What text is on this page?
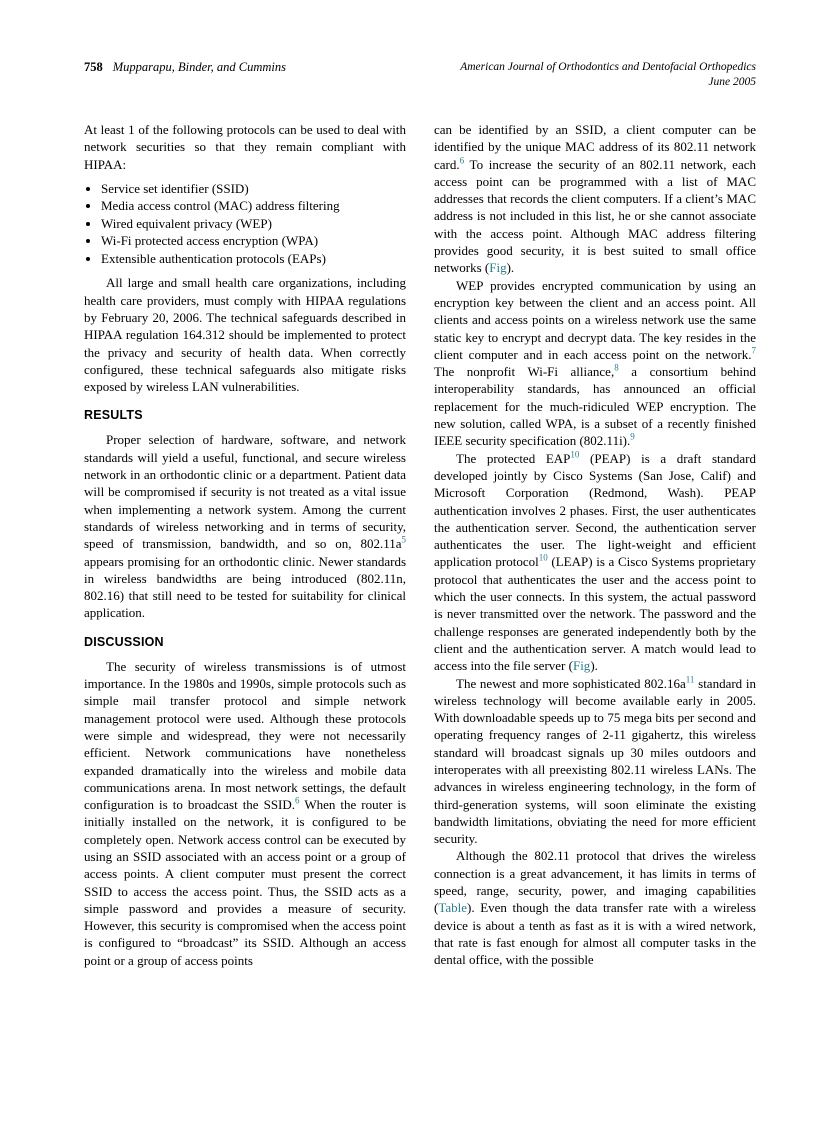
758 Mupparapu, Binder, and Cummins	American Journal of Orthodontics and Dentofacial Orthopedics
June 2005

At least 1 of the following protocols can be used to deal with network securities so that they remain compliant with HIPAA:

• Service set identifier (SSID)
• Media access control (MAC) address filtering
• Wired equivalent privacy (WEP)
• Wi-Fi protected access encryption (WPA)
• Extensible authentication protocols (EAPs)

All large and small health care organizations, including health care providers, must comply with HIPAA regulations by February 20, 2006. The technical safeguards described in HIPAA regulation 164.312 should be implemented to protect the privacy and security of health data. When correctly configured, these technical safeguards also mitigate risks exposed by wireless LAN vulnerabilities.

RESULTS

Proper selection of hardware, software, and network standards will yield a useful, functional, and secure wireless network in an orthodontic clinic or a department. Patient data will be compromised if security is not treated as a vital issue when implementing a network system. Among the current standards of wireless networking and in terms of security, speed of transmission, bandwidth, and so on, 802.11a$^5$ appears promising for an orthodontic clinic. Newer standards in wireless bandwidths are being introduced (802.11n, 802.16) that still need to be tested for suitability for clinical application.

DISCUSSION

The security of wireless transmissions is of utmost importance. In the 1980s and 1990s, simple protocols such as simple mail transfer protocol and simple network management protocol were used. Although these protocols were simple and widespread, they were not necessarily efficient. Network communications have nonetheless expanded dramatically into the wireless and mobile data communications arena. In most network settings, the default configuration is to broadcast the SSID.$^6$ When the router is initially installed on the network, it is configured to be completely open. Network access control can be executed by using an SSID associated with an access point or a group of access points. A client computer must present the correct SSID to access the access point. Thus, the SSID acts as a simple password and provides a measure of security. However, this security is compromised when the access point is configured to “broadcast” its SSID. Although an access point or a group of access points

can be identified by an SSID, a client computer can be identified by the unique MAC address of its 802.11 network card.$^6$ To increase the security of an 802.11 network, each access point can be programmed with a list of MAC addresses that records the client computers. If a client’s MAC address is not included in this list, he or she cannot associate with the access point. Although MAC address filtering provides good security, it is best suited to small office networks (Fig).

WEP provides encrypted communication by using an encryption key between the client and an access point. All clients and access points on a wireless network use the same static key to encrypt and decrypt data. The key resides in the client computer and in each access point on the network.$^7$ The nonprofit Wi-Fi alliance,$^8$ a consortium behind interoperability standards, has announced an official replacement for the much-ridiculed WEP encryption. The new solution, called WPA, is a subset of a recently finished IEEE security specification (802.11i).$^9$

The protected EAP$^{10}$ (PEAP) is a draft standard developed jointly by Cisco Systems (San Jose, Calif) and Microsoft Corporation (Redmond, Wash). PEAP authentication involves 2 phases. First, the user authenticates the authentication server. Second, the authentication server authenticates the user. The light-weight and efficient application protocol$^{10}$ (LEAP) is a Cisco Systems proprietary protocol that authenticates the user and the access point to which the user connects. In this system, the actual password is never transmitted over the network. The password and the challenge responses are generated independently both by the client and the authentication server. A match would lead to access into the file server (Fig).

The newest and more sophisticated 802.16a$^{11}$ standard in wireless technology will become available early in 2005. With downloadable speeds up to 75 mega bits per second and operating frequency ranges of 2-11 gigahertz, this wireless standard will broadcast signals up 30 miles outdoors and interoperates with all preexisting 802.11 wireless LANs. The advances in wireless engineering technology, in the form of third-generation systems, will soon eliminate the existing bandwidth limitations, obviating the need for more efficient security.

Although the 802.11 protocol that drives the wireless connection is a great advancement, it has limits in terms of speed, range, security, power, and imaging capabilities (Table). Even though the data transfer rate with a wireless device is about a tenth as fast as it is with a wired network, that rate is fast enough for almost all computer tasks in the dental office, with the possible
